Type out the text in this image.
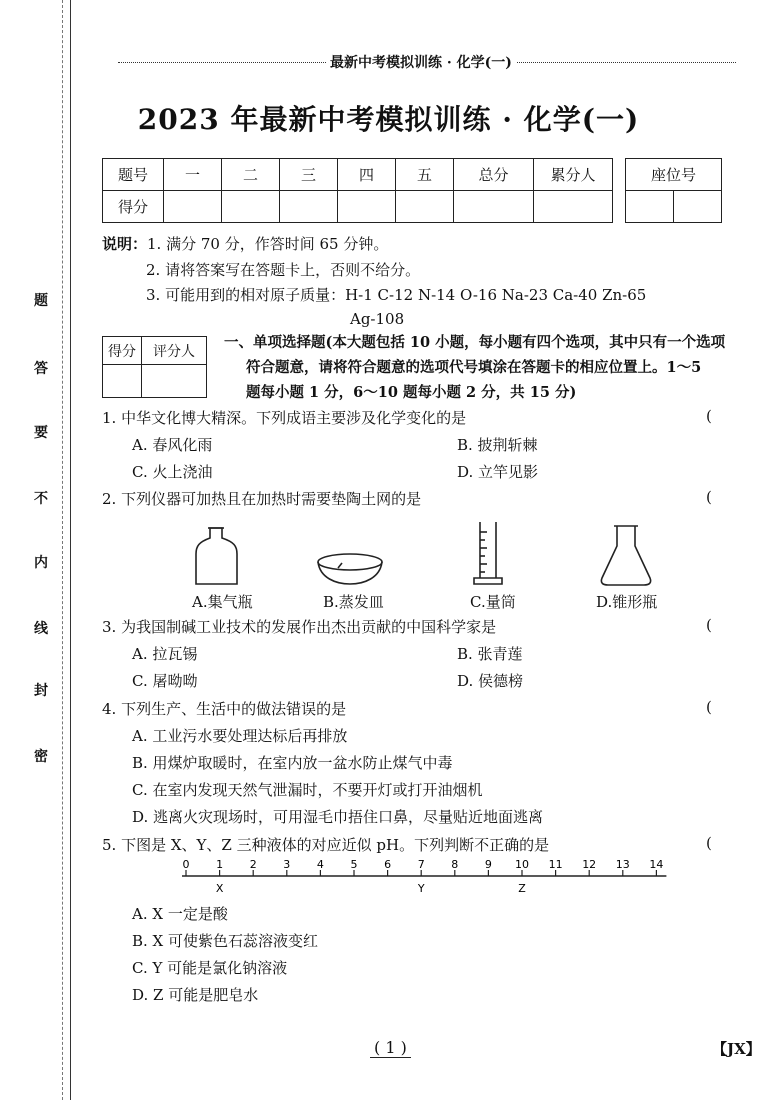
题
答
要
不
内
线
封
密
最新中考模拟训练 · 化学(一)
2023 年最新中考模拟训练 · 化学(一)
题号	一	二	三	四	五	总分	累分人
得分							
座位号

说明：1. 满分 70 分，作答时间 65 分钟。
2. 请将答案写在答题卡上，否则不给分。
3. 可能用到的相对原子质量：H-1 C-12 N-14 O-16 Na-23 Ca-40 Zn-65
Ag-108
得分	评分人

一、单项选择题(本大题包括 10 小题，每小题有四个选项，其中只有一个选项
符合题意，请将符合题意的选项代号填涂在答题卡的相应位置上。1～5
题每小题 1 分，6～10 题每小题 2 分，共 15 分)
1. 中华文化博大精深。下列成语主要涉及化学变化的是	(
A. 春风化雨	B. 披荆斩棘
C. 火上浇油	D. 立竿见影
2. 下列仪器可加热且在加热时需要垫陶土网的是	(
A.集气瓶	B.蒸发皿	C.量筒	D.锥形瓶
3. 为我国制碱工业技术的发展作出杰出贡献的中国科学家是	(
A. 拉瓦锡	B. 张青莲
C. 屠呦呦	D. 侯德榜
4. 下列生产、生活中的做法错误的是	(
A. 工业污水要处理达标后再排放
B. 用煤炉取暖时，在室内放一盆水防止煤气中毒
C. 在室内发现天然气泄漏时，不要开灯或打开油烟机
D. 逃离火灾现场时，可用湿毛巾捂住口鼻，尽量贴近地面逃离
5. 下图是 X、Y、Z 三种液体的对应近似 pH。下列判断不正确的是	(
0 1 2 3 4 5 6 7 8 9 10 11 12 13 14
X	Y	Z
A. X 一定是酸
B. X 可使紫色石蕊溶液变红
C. Y 可能是氯化钠溶液
D. Z 可能是肥皂水
( 1 )	【JX】
